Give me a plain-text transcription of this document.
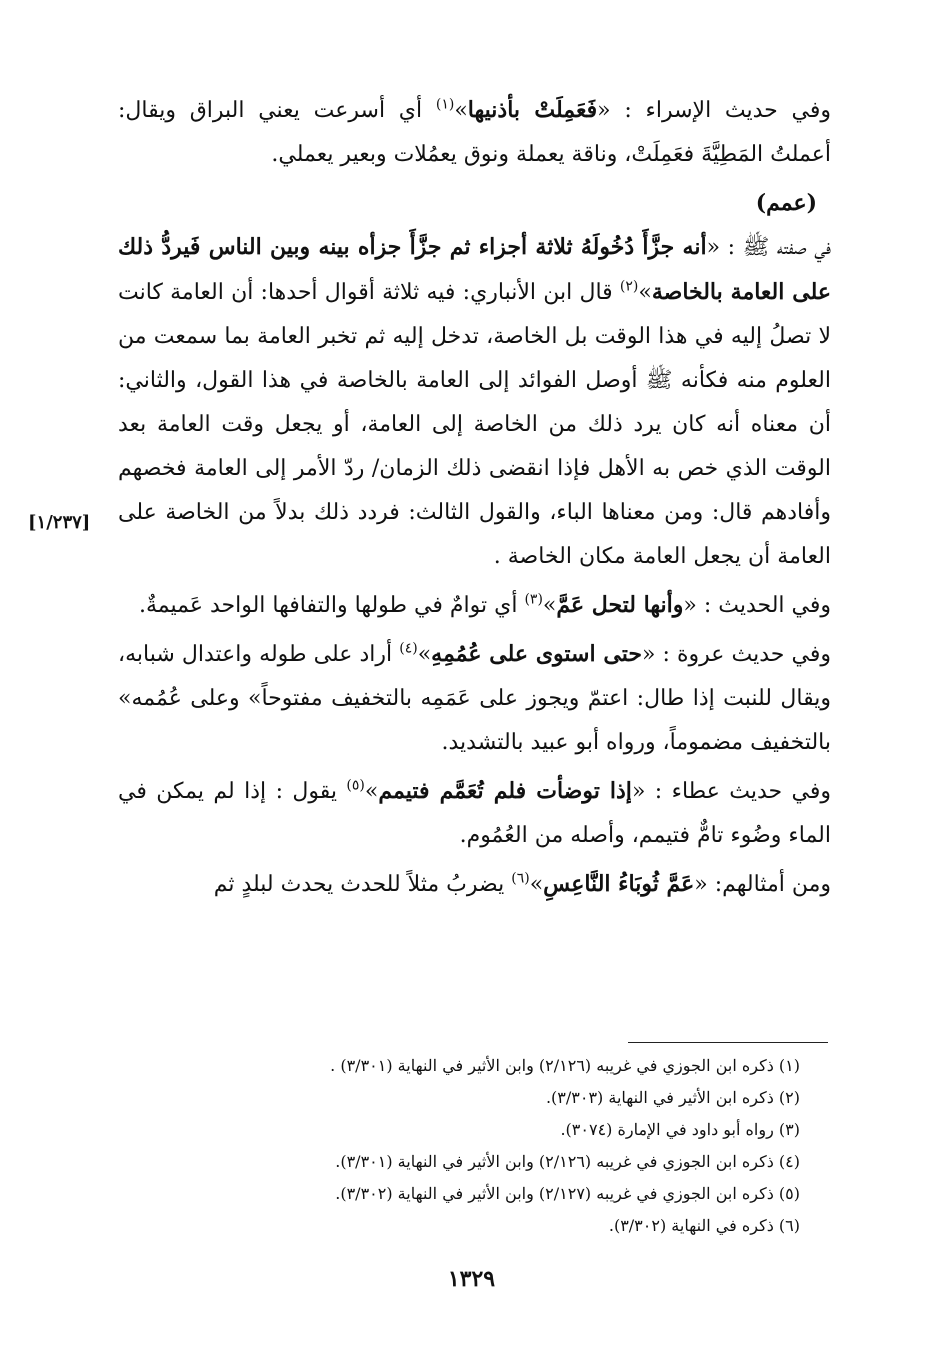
وفي حديث الإسراء : «فَعَمِلَتْ بأذنيها»$^{(١)}$ أي أسرعت يعني البراق ويقال: أعملتُ المَطِيَّةَ فعَمِلَتْ، وناقة يعملة ونوق يعمُلات وبعير يعملي.

(عمم)

في صفته ﷺ : «أنه جزَّأَ دُخُولَهُ ثلاثة أجزاء ثم جزَّأَ جزأه بينه وبين الناس فَيردُّ ذلك على العامة بالخاصة»$^{(٢)}$ قال ابن الأنباري: فيه ثلاثة أقوال أحدها: أن العامة كانت لا تصلُ إليه في هذا الوقت بل الخاصة، تدخل إليه ثم تخبر العامة بما سمعت من العلوم منه فكأنه ﷺ أوصل الفوائد إلى العامة بالخاصة في هذا القول، والثاني: أن معناه أنه كان يرد ذلك من الخاصة إلى العامة، أو يجعل وقت العامة بعد الوقت الذي خص به الأهل فإذا انقضى ذلك الزمان/ ردّ الأمر إلى العامة فخصهم وأفادهم قال: ومن معناها الباء، والقول الثالث: فردد ذلك بدلاً من الخاصة على العامة أن يجعل العامة مكان الخاصة .

وفي الحديث : «وأنها لتحل عَمَّ»$^{(٣)}$ أي توامٌ في طولها والتفافها الواحد عَميمةٌ.

وفي حديث عروة : «حتى استوى على عُمُمِهِ»$^{(٤)}$ أراد على طوله واعتدال شبابه، ويقال للنبت إذا طال: اعتمّ ويجوز على عَمَمِه بالتخفيف مفتوحاً» وعلى عُمُمه» بالتخفيف مضموماً، ورواه أبو عبيد بالتشديد.

وفي حديث عطاء : «إذا توضأت فلم تُعَمَّم فتيمم»$^{(٥)}$ يقول : إذا لم يمكن في الماء وضُوء تامٌّ فتيمم، وأصله من العُمُوم.

ومن أمثالهم: «عَمَّ ثُوبَاءُ النَّاعِسِ»$^{(٦)}$ يضربُ مثلاً للحدث يحدث لبلدٍ ثم

[١/٢٣٧]

(١) ذكره ابن الجوزي في غريبه (٢/١٢٦) وابن الأثير في النهاية (٣/٣٠١) .

(٢) ذكره ابن الأثير في النهاية (٣/٣٠٣).

(٣) رواه أبو داود في الإمارة (٣٠٧٤).

(٤) ذكره ابن الجوزي في غريبه (٢/١٢٦) وابن الأثير في النهاية (٣/٣٠١).

(٥) ذكره ابن الجوزي في غريبه (٢/١٢٧) وابن الأثير في النهاية (٣/٣٠٢).

(٦) ذكره في النهاية (٣/٣٠٢).

١٣٢٩
